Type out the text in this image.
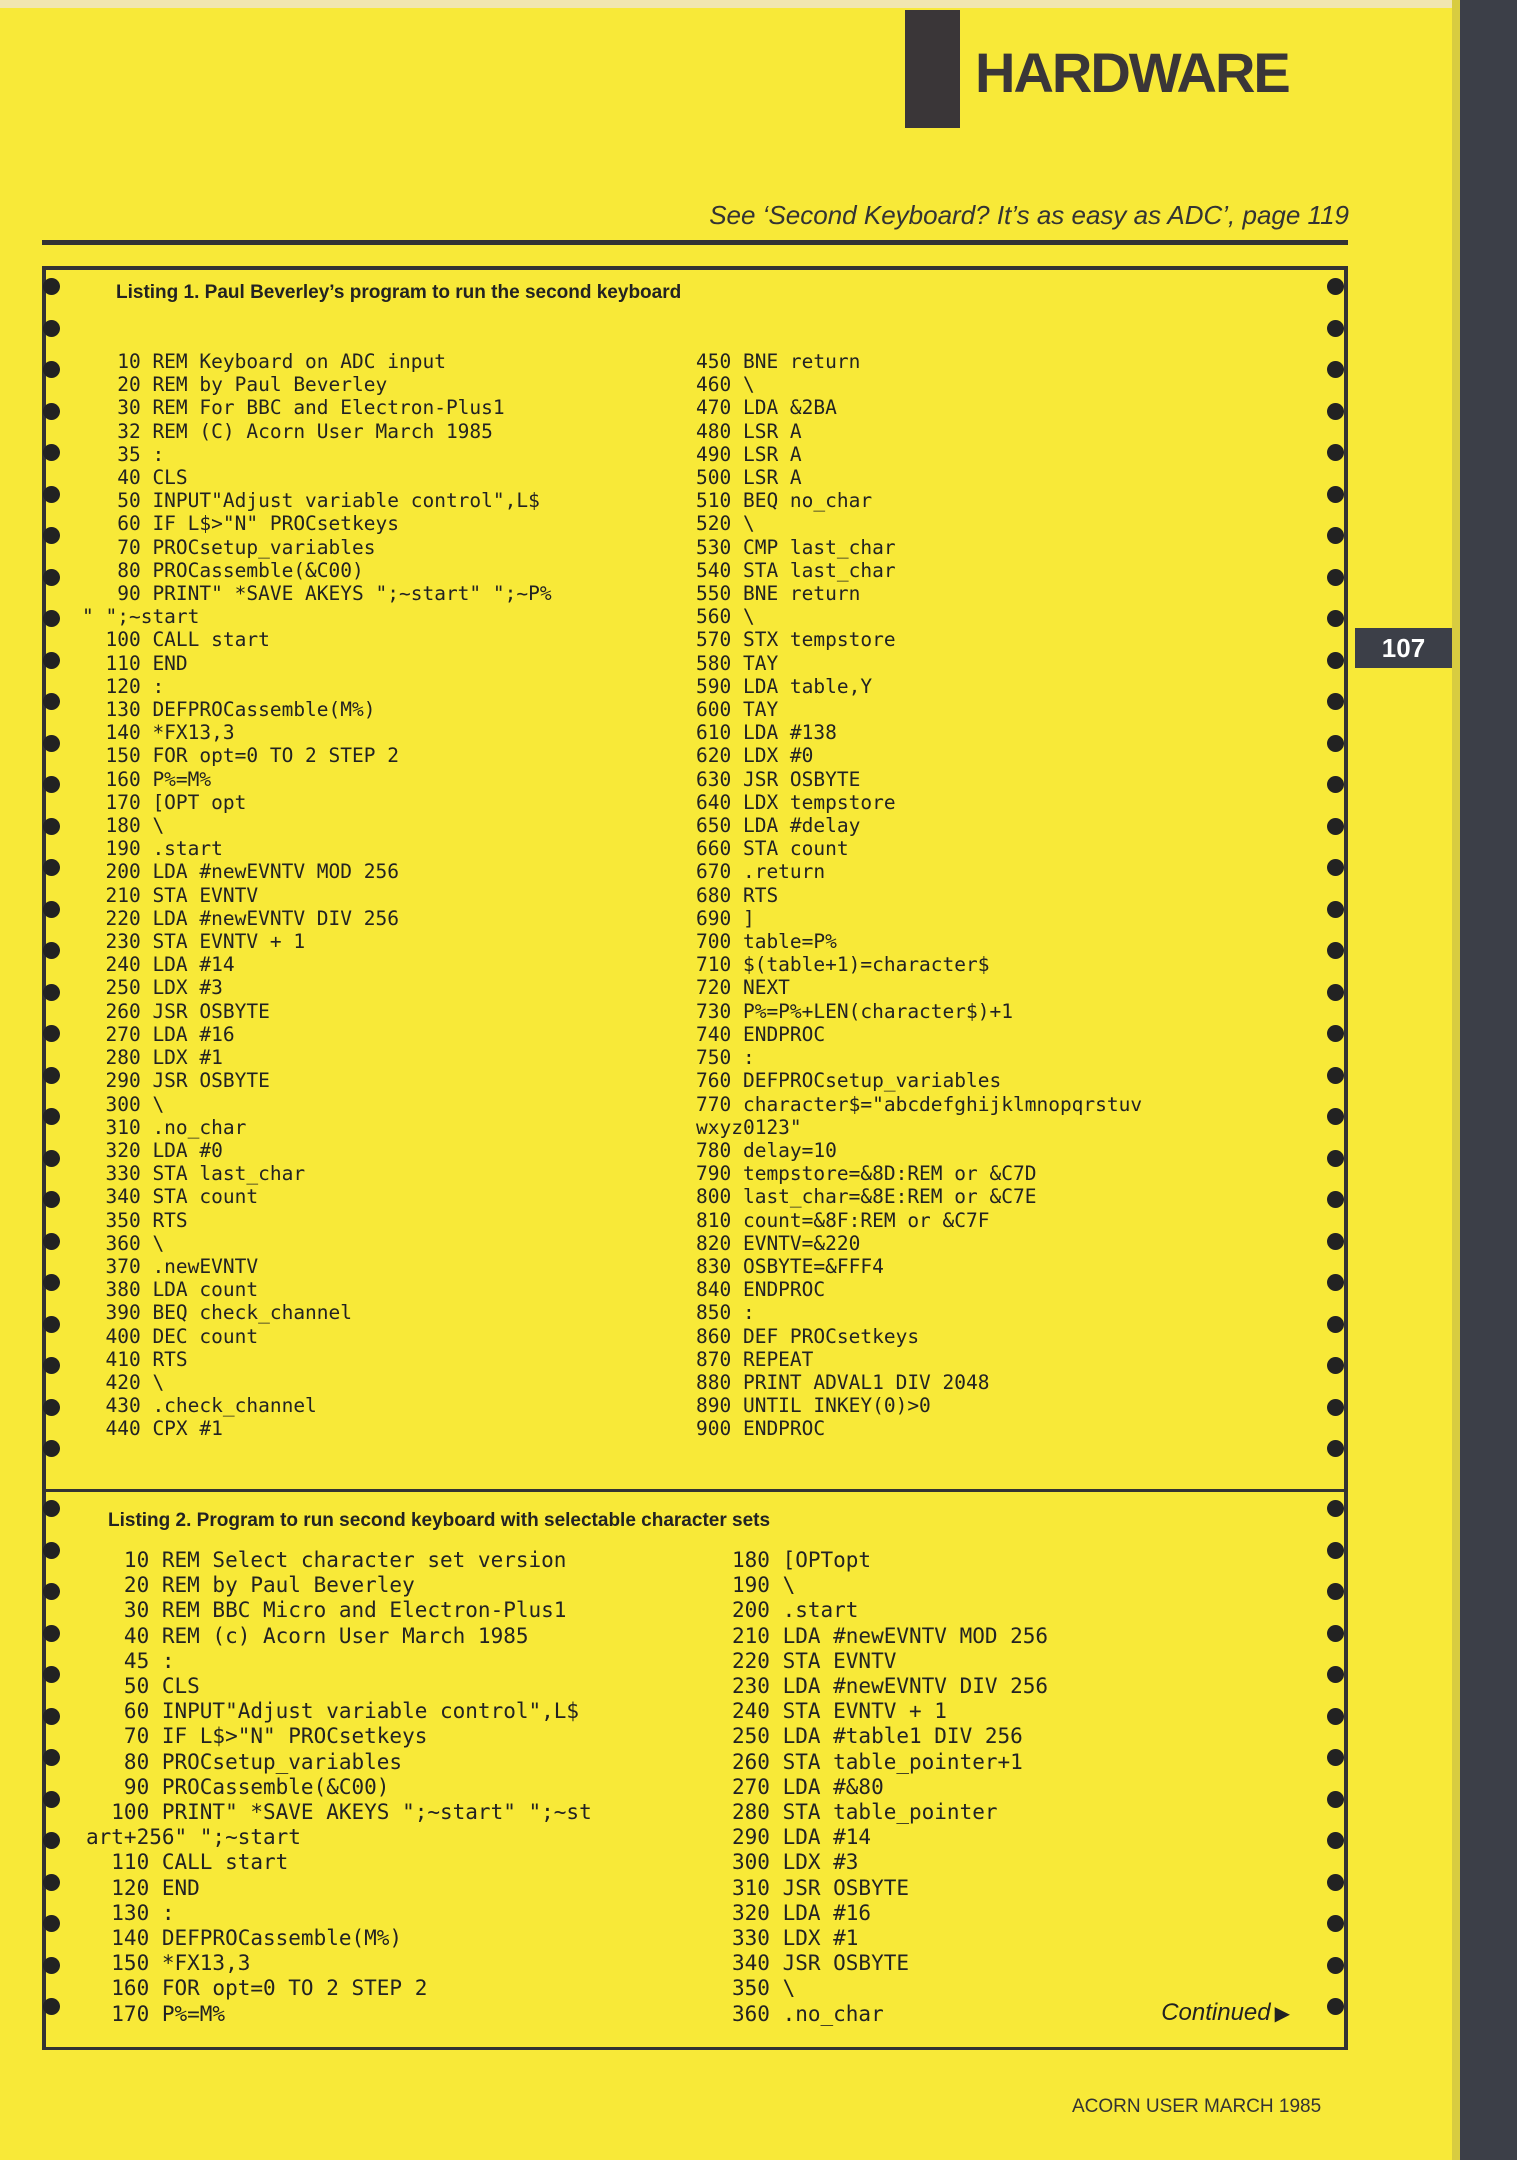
HARDWARE
See ‘Second Keyboard? It’s as easy as ADC’, page 119
107
Listing 1. Paul Beverley’s program to run the second keyboard
10 REM Keyboard on ADC input
20 REM by Paul Beverley
30 REM For BBC and Electron-Plus1
32 REM (C) Acorn User March 1985
35 :
40 CLS
50 INPUT"Adjust variable control",L$
60 IF L$>"N" PROCsetkeys
70 PROCsetup_variables
80 PROCassemble(&C00)
90 PRINT" *SAVE AKEYS ";~start" ";~P%
" ";~start
100 CALL start
110 END
120 :
130 DEFPROCassemble(M%)
140 *FX13,3
150 FOR opt=0 TO 2 STEP 2
160 P%=M%
170 [OPT opt
180 \
190 .start
200 LDA #newEVNTV MOD 256
210 STA EVNTV
220 LDA #newEVNTV DIV 256
230 STA EVNTV + 1
240 LDA #14
250 LDX #3
260 JSR OSBYTE
270 LDA #16
280 LDX #1
290 JSR OSBYTE
300 \
310 .no_char
320 LDA #0
330 STA last_char
340 STA count
350 RTS
360 \
370 .newEVNTV
380 LDA count
390 BEQ check_channel
400 DEC count
410 RTS
420 \
430 .check_channel
440 CPX #1
450 BNE return
460 \
470 LDA &2BA
480 LSR A
490 LSR A
500 LSR A
510 BEQ no_char
520 \
530 CMP last_char
540 STA last_char
550 BNE return
560 \
570 STX tempstore
580 TAY
590 LDA table,Y
600 TAY
610 LDA #138
620 LDX #0
630 JSR OSBYTE
640 LDX tempstore
650 LDA #delay
660 STA count
670 .return
680 RTS
690 ]
700 table=P%
710 $(table+1)=character$
720 NEXT
730 P%=P%+LEN(character$)+1
740 ENDPROC
750 :
760 DEFPROCsetup_variables
770 character$="abcdefghijklmnopqrstuv
wxyz0123"
780 delay=10
790 tempstore=&8D:REM or &C7D
800 last_char=&8E:REM or &C7E
810 count=&8F:REM or &C7F
820 EVNTV=&220
830 OSBYTE=&FFF4
840 ENDPROC
850 :
860 DEF PROCsetkeys
870 REPEAT
880 PRINT ADVAL1 DIV 2048
890 UNTIL INKEY(0)>0
900 ENDPROC
Listing 2. Program to run second keyboard with selectable character sets
10 REM Select character set version
20 REM by Paul Beverley
30 REM BBC Micro and Electron-Plus1
40 REM (c) Acorn User March 1985
45 :
50 CLS
60 INPUT"Adjust variable control",L$
70 IF L$>"N" PROCsetkeys
80 PROCsetup_variables
90 PROCassemble(&C00)
100 PRINT" *SAVE AKEYS ";~start" ";~st
art+256" ";~start
110 CALL start
120 END
130 :
140 DEFPROCassemble(M%)
150 *FX13,3
160 FOR opt=0 TO 2 STEP 2
170 P%=M%
180 [OPTopt
190 \
200 .start
210 LDA #newEVNTV MOD 256
220 STA EVNTV
230 LDA #newEVNTV DIV 256
240 STA EVNTV + 1
250 LDA #table1 DIV 256
260 STA table_pointer+1
270 LDA #&80
280 STA table_pointer
290 LDA #14
300 LDX #3
310 JSR OSBYTE
320 LDA #16
330 LDX #1
340 JSR OSBYTE
350 \
360 .no_char	Continued ▶
ACORN USER MARCH 1985
